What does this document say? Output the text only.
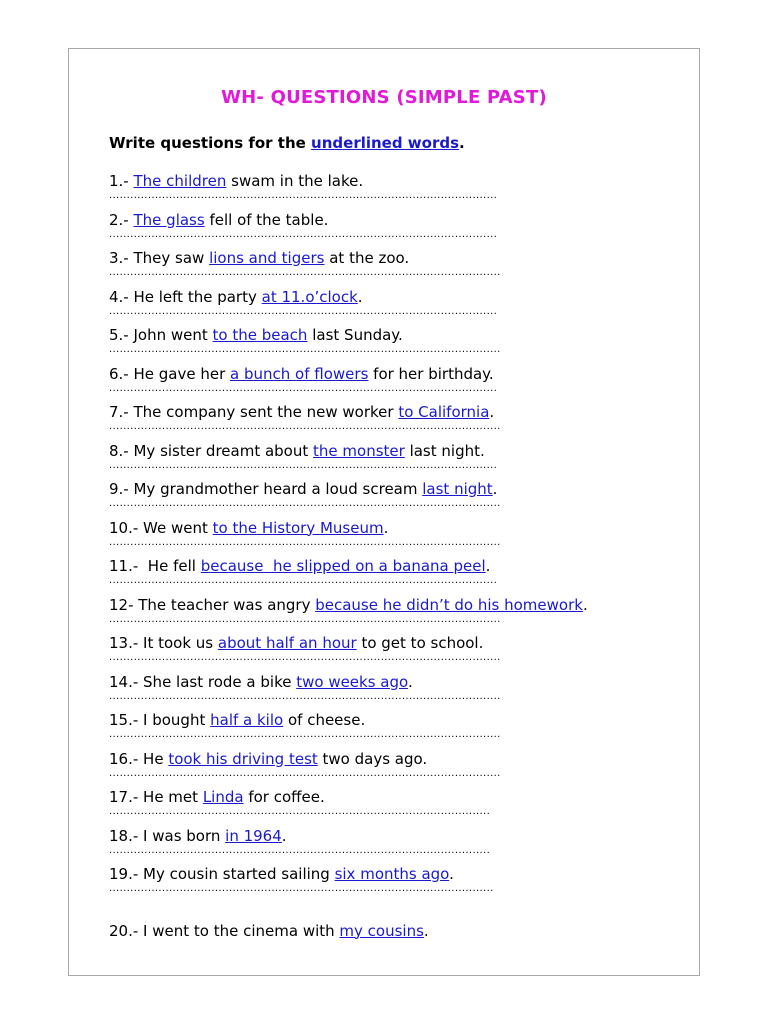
WH- QUESTIONS (SIMPLE PAST)

Write questions for the underlined words.

1.- The children swam in the lake.
..............................................................................................................
2.- The glass fell of the table.
..............................................................................................................
3.- They saw lions and tigers at the zoo.
...............................................................................................................
4.- He left the party at 11.o’clock.
..............................................................................................................
5.- John went to the beach last Sunday.
...............................................................................................................
6.- He gave her a bunch of flowers for her birthday.
..............................................................................................................
7.- The company sent the new worker to California.
...............................................................................................................
8.- My sister dreamt about the monster last night.
..............................................................................................................
9.- My grandmother heard a loud scream last night.
...............................................................................................................
10.- We went to the History Museum.
...............................................................................................................
11.-  He fell because  he slipped on a banana peel.
..............................................................................................................
12- The teacher was angry because he didn’t do his homework.
...............................................................................................................
13.- It took us about half an hour to get to school.
...............................................................................................................
14.- She last rode a bike two weeks ago.
...............................................................................................................
15.- I bought half a kilo of cheese.
...............................................................................................................
16.- He took his driving test two days ago.
...............................................................................................................
17.- He met Linda for coffee.
............................................................................................................
18.- I was born in 1964.
............................................................................................................
19.- My cousin started sailing six months ago.
.............................................................................................................
20.- I went to the cinema with my cousins.
